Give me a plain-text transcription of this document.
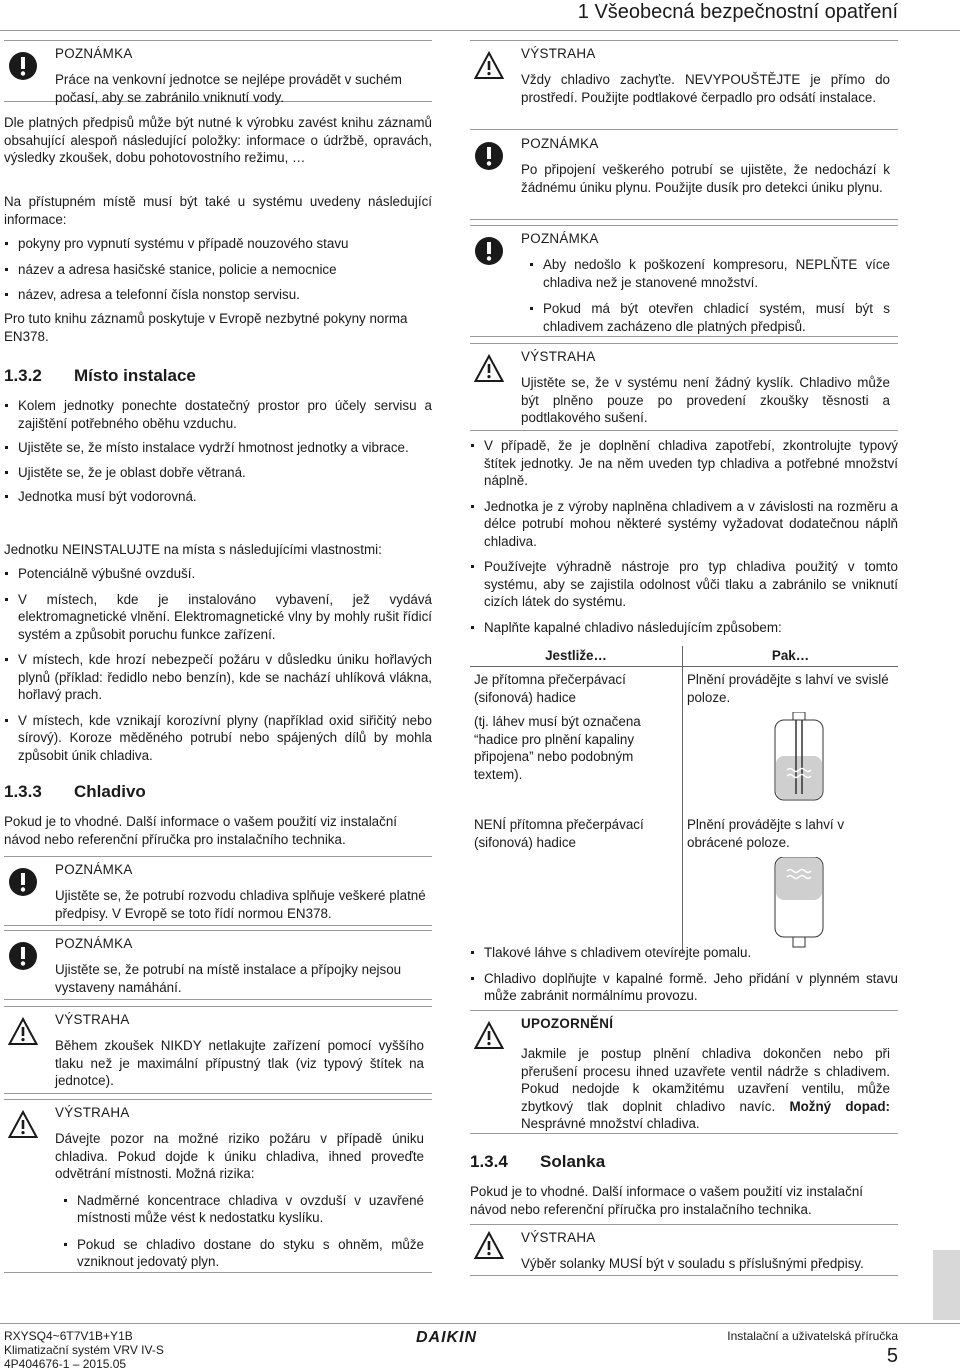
1 Všeobecná bezpečnostní opatření
POZNÁMKA
Práce na venkovní jednotce se nejlépe provádět v suchém počasí, aby se zabránilo vniknutí vody.

Dle platných předpisů může být nutné k výrobku zavést knihu záznamů obsahující alespoň následující položky: informace o údržbě, opravách, výsledky zkoušek, dobu pohotovostního režimu, …

Na přístupném místě musí být také u systému uvedeny následující informace:

pokyny pro vypnutí systému v případě nouzového stavu
název a adresa hasičské stanice, policie a nemocnice
název, adresa a telefonní čísla nonstop servisu.

Pro tuto knihu záznamů poskytuje v Evropě nezbytné pokyny norma EN378.

1.3.2 Místo instalace
Kolem jednotky ponechte dostatečný prostor pro účely servisu a zajištění potřebného oběhu vzduchu.
Ujistěte se, že místo instalace vydrží hmotnost jednotky a vibrace.
Ujistěte se, že je oblast dobře větraná.
Jednotka musí být vodorovná.

Jednotku NEINSTALUJTE na místa s následujícími vlastnostmi:

Potenciálně výbušné ovzduší.
V místech, kde je instalováno vybavení, jež vydává elektromagnetické vlnění. Elektromagnetické vlny by mohly rušit řídicí systém a způsobit poruchu funkce zařízení.
V místech, kde hrozí nebezpečí požáru v důsledku úniku hořlavých plynů (příklad: ředidlo nebo benzín), kde se nachází uhlíková vlákna, hořlavý prach.
V místech, kde vznikají korozívní plyny (například oxid siřičitý nebo sírový). Koroze měděného potrubí nebo spájených dílů by mohla způsobit únik chladiva.
1.3.3 Chladivo

Pokud je to vhodné. Další informace o vašem použití viz instalační návod nebo referenční příručka pro instalačního technika.

POZNÁMKA
Ujistěte se, že potrubí rozvodu chladiva splňuje veškeré platné předpisy. V Evropě se toto řídí normou EN378.
POZNÁMKA
Ujistěte se, že potrubí na místě instalace a přípojky nejsou vystaveny namáhání.
VÝSTRAHA
Během zkoušek NIKDY netlakujte zařízení pomocí vyššího tlaku než je maximální přípustný tlak (viz typový štítek na jednotce).
VÝSTRAHA
Dávejte pozor na možné riziko požáru v případě úniku chladiva. Pokud dojde k úniku chladiva, ihned proveďte odvětrání místnosti. Možná rizika:
Nadměrné koncentrace chladiva v ovzduší v uzavřené místnosti může vést k nedostatku kyslíku.
Pokud se chladivo dostane do styku s ohněm, může vzniknout jedovatý plyn.
VÝSTRAHA
Vždy chladivo zachyťte. NEVYPOUŠTĚJTE je přímo do prostředí. Použijte podtlakové čerpadlo pro odsátí instalace.
POZNÁMKA
Po připojení veškerého potrubí se ujistěte, že nedochází k žádnému úniku plynu. Použijte dusík pro detekci úniku plynu.
POZNÁMKA
Aby nedošlo k poškození kompresoru, NEPLŇTE více chladiva než je stanovené množství.
Pokud má být otevřen chladicí systém, musí být s chladivem zacházeno dle platných předpisů.
VÝSTRAHA
Ujistěte se, že v systému není žádný kyslík. Chladivo může být plněno pouze po provedení zkoušky těsnosti a podtlakového sušení.
V případě, že je doplnění chladiva zapotřebí, zkontrolujte typový štítek jednotky. Je na něm uveden typ chladiva a potřebné množství náplně.
Jednotka je z výroby naplněna chladivem a v závislosti na rozměru a délce potrubí mohou některé systémy vyžadovat dodatečnou náplň chladiva.
Používejte výhradně nástroje pro typ chladiva použitý v tomto systému, aby se zajistila odolnost vůči tlaku a zabránilo se vniknutí cizích látek do systému.
Naplňte kapalné chladivo následujícím způsobem:
Jestliže…	Pak…

Je přítomna přečerpávací (sifonová) hadice
(tj. láhev musí být označena “hadice pro plnění kapaliny připojena” nebo podobným textem).	Plnění provádějte s lahví ve svislé poloze.

NENÍ přítomna přečerpávací (sifonová) hadice	Plnění provádějte s lahví v obrácené poloze.
Tlakové láhve s chladivem otevírejte pomalu.
Chladivo doplňujte v kapalné formě. Jeho přidání v plynném stavu může zabránit normálnímu provozu.
UPOZORNĚNÍ
Jakmile je postup plnění chladiva dokončen nebo při přerušení procesu ihned uzavřete ventil nádrže s chladivem. Pokud nedojde k okamžitému uzavření ventilu, může zbytkový tlak doplnit chladivo navíc. Možný dopad: Nesprávné množství chladiva.
1.3.4 Solanka

Pokud je to vhodné. Další informace o vašem použití viz instalační návod nebo referenční příručka pro instalačního technika.

VÝSTRAHA
Výběr solanky MUSÍ být v souladu s příslušnými předpisy.
RXYSQ4~6T7V1B+Y1B
Klimatizační systém VRV IV-S
4P404676-1 – 2015.05
DAIKIN	Instalační a uživatelská příručka
5
